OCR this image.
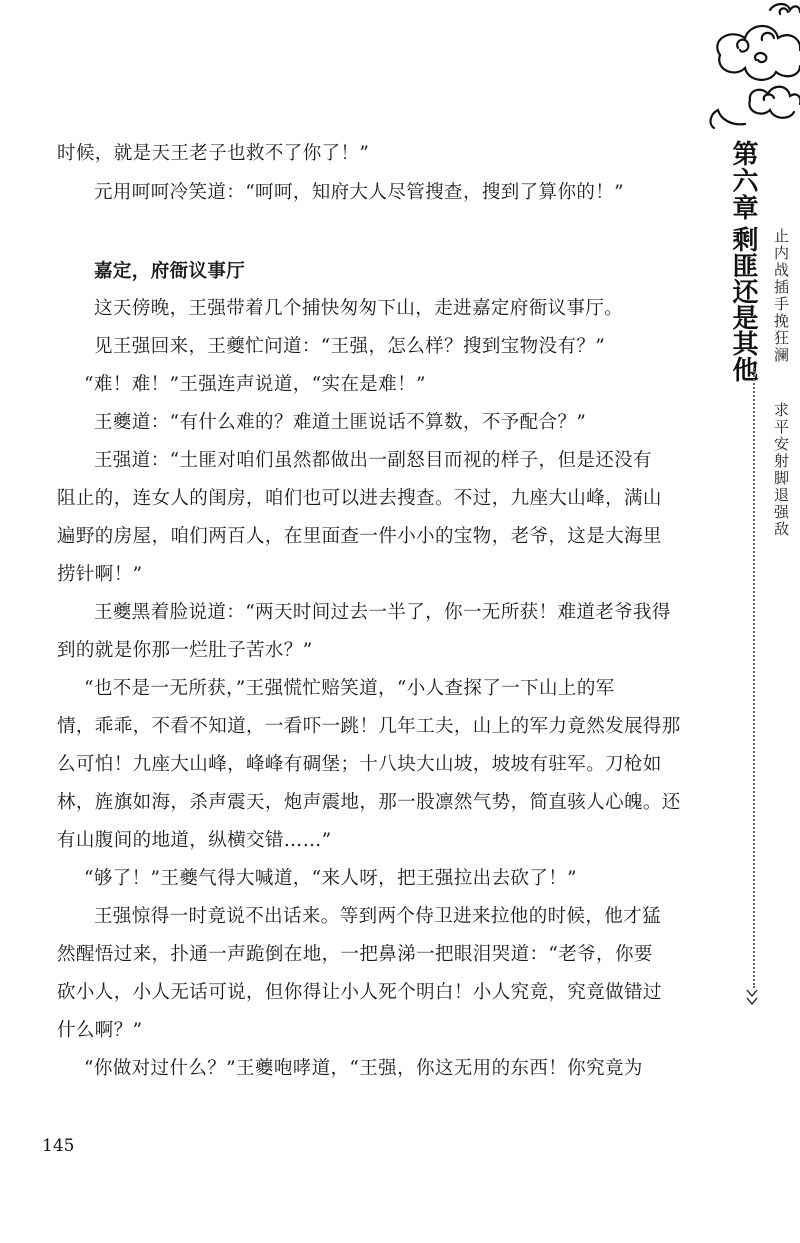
时候，就是天王老子也救不了你了！”
元用呵呵冷笑道：“呵呵，知府大人尽管搜查，搜到了算你的！”
嘉定，府衙议事厅
这天傍晚，王强带着几个捕快匆匆下山，走进嘉定府衙议事厅。
见王强回来，王夔忙问道：“王强，怎么样？搜到宝物没有？”
“难！难！”王强连声说道，“实在是难！”
王夔道：“有什么难的？难道土匪说话不算数，不予配合？”
王强道：“土匪对咱们虽然都做出一副怒目而视的样子，但是还没有
阻止的，连女人的闺房，咱们也可以进去搜查。不过，九座大山峰，满山
遍野的房屋，咱们两百人，在里面查一件小小的宝物，老爷，这是大海里
捞针啊！”
王夔黑着脸说道：“两天时间过去一半了，你一无所获！难道老爷我得
到的就是你那一烂肚子苦水？”
“也不是一无所获，”王强慌忙赔笑道，“小人查探了一下山上的军
情，乖乖，不看不知道，一看吓一跳！几年工夫，山上的军力竟然发展得那
么可怕！九座大山峰，峰峰有碉堡；十八块大山坡，坡坡有驻军。刀枪如
林，旌旗如海，杀声震天，炮声震地，那一股凛然气势，简直骇人心魄。还
有山腹间的地道，纵横交错……”
“够了！”王夔气得大喊道，“来人呀，把王强拉出去砍了！”
王强惊得一时竟说不出话来。等到两个侍卫进来拉他的时候，他才猛
然醒悟过来，扑通一声跪倒在地，一把鼻涕一把眼泪哭道：“老爷，你要
砍小人，小人无话可说，但你得让小人死个明白！小人究竟，究竟做错过
什么啊？”
“你做对过什么？”王夔咆哮道，“王强，你这无用的东西！你究竟为
第六章
剩匪还是其他 止内战插手挽狂澜
求平安射脚退强敌
145
